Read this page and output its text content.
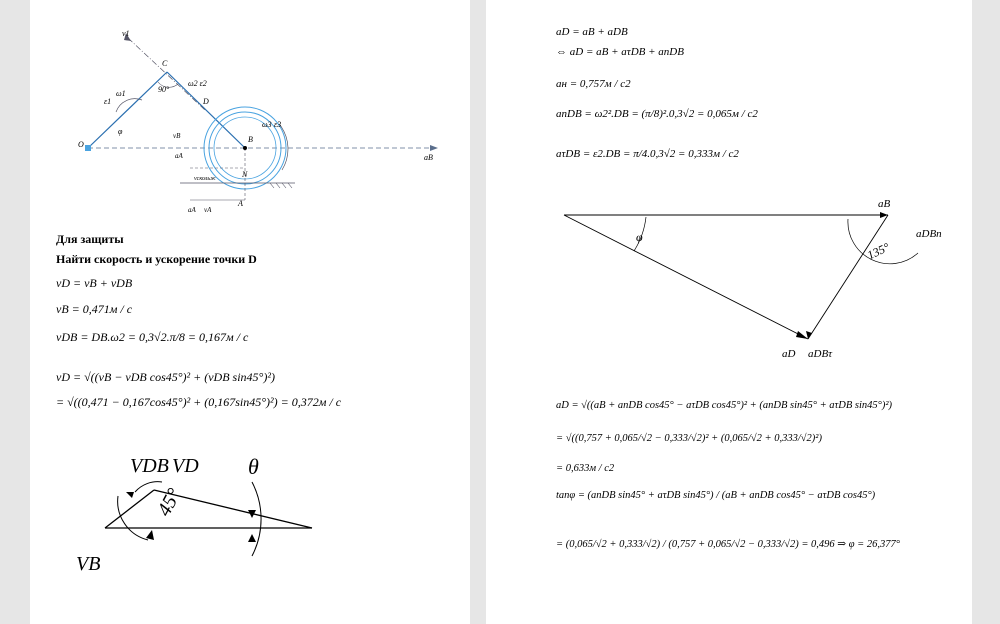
v1
C
ω1
ε1
90°
ω2 ε2
D
O
φ
B
ω3 ε3
aB
vB
aA
vскольж	N
A
aA vA
Для защиты
Найти скорость и ускорение точки D
vD = vB + vDB
vB = 0,471м / с
vDB = DB.ω2 = 0,3√2.π/8 = 0,167м / с
vD = √((vB − vDB cos45°)² + (vDB sin45°)²)
= √((0,471 − 0,167cos45°)² + (0,167sin45°)²) = 0,372м / с
VDB VD θ
45°
VB
aD = aB + aDB
⇔ aD = aB + aτDB + anDB
aн = 0,757м / с2
anDB = ω2².DB = (π/8)².0,3√2 = 0,065м / с2
aτDB = ε2.DB = π/4.0,3√2 = 0,333м / с2
aB
aDBn
φ
135°
aD aDBτ
aD = √((aB + anDB cos45° − aτDB cos45°)² + (anDB sin45° + aτDB sin45°)²)
= √((0,757 + 0,065/√2 − 0,333/√2)² + (0,065/√2 + 0,333/√2)²)
= 0,633м / с2
tanφ = (anDB sin45° + aτDB sin45°) / (aB + anDB cos45° − aτDB cos45°)
= (0,065/√2 + 0,333/√2) / (0,757 + 0,065/√2 − 0,333/√2) = 0,496 ⇒ φ = 26,377°
